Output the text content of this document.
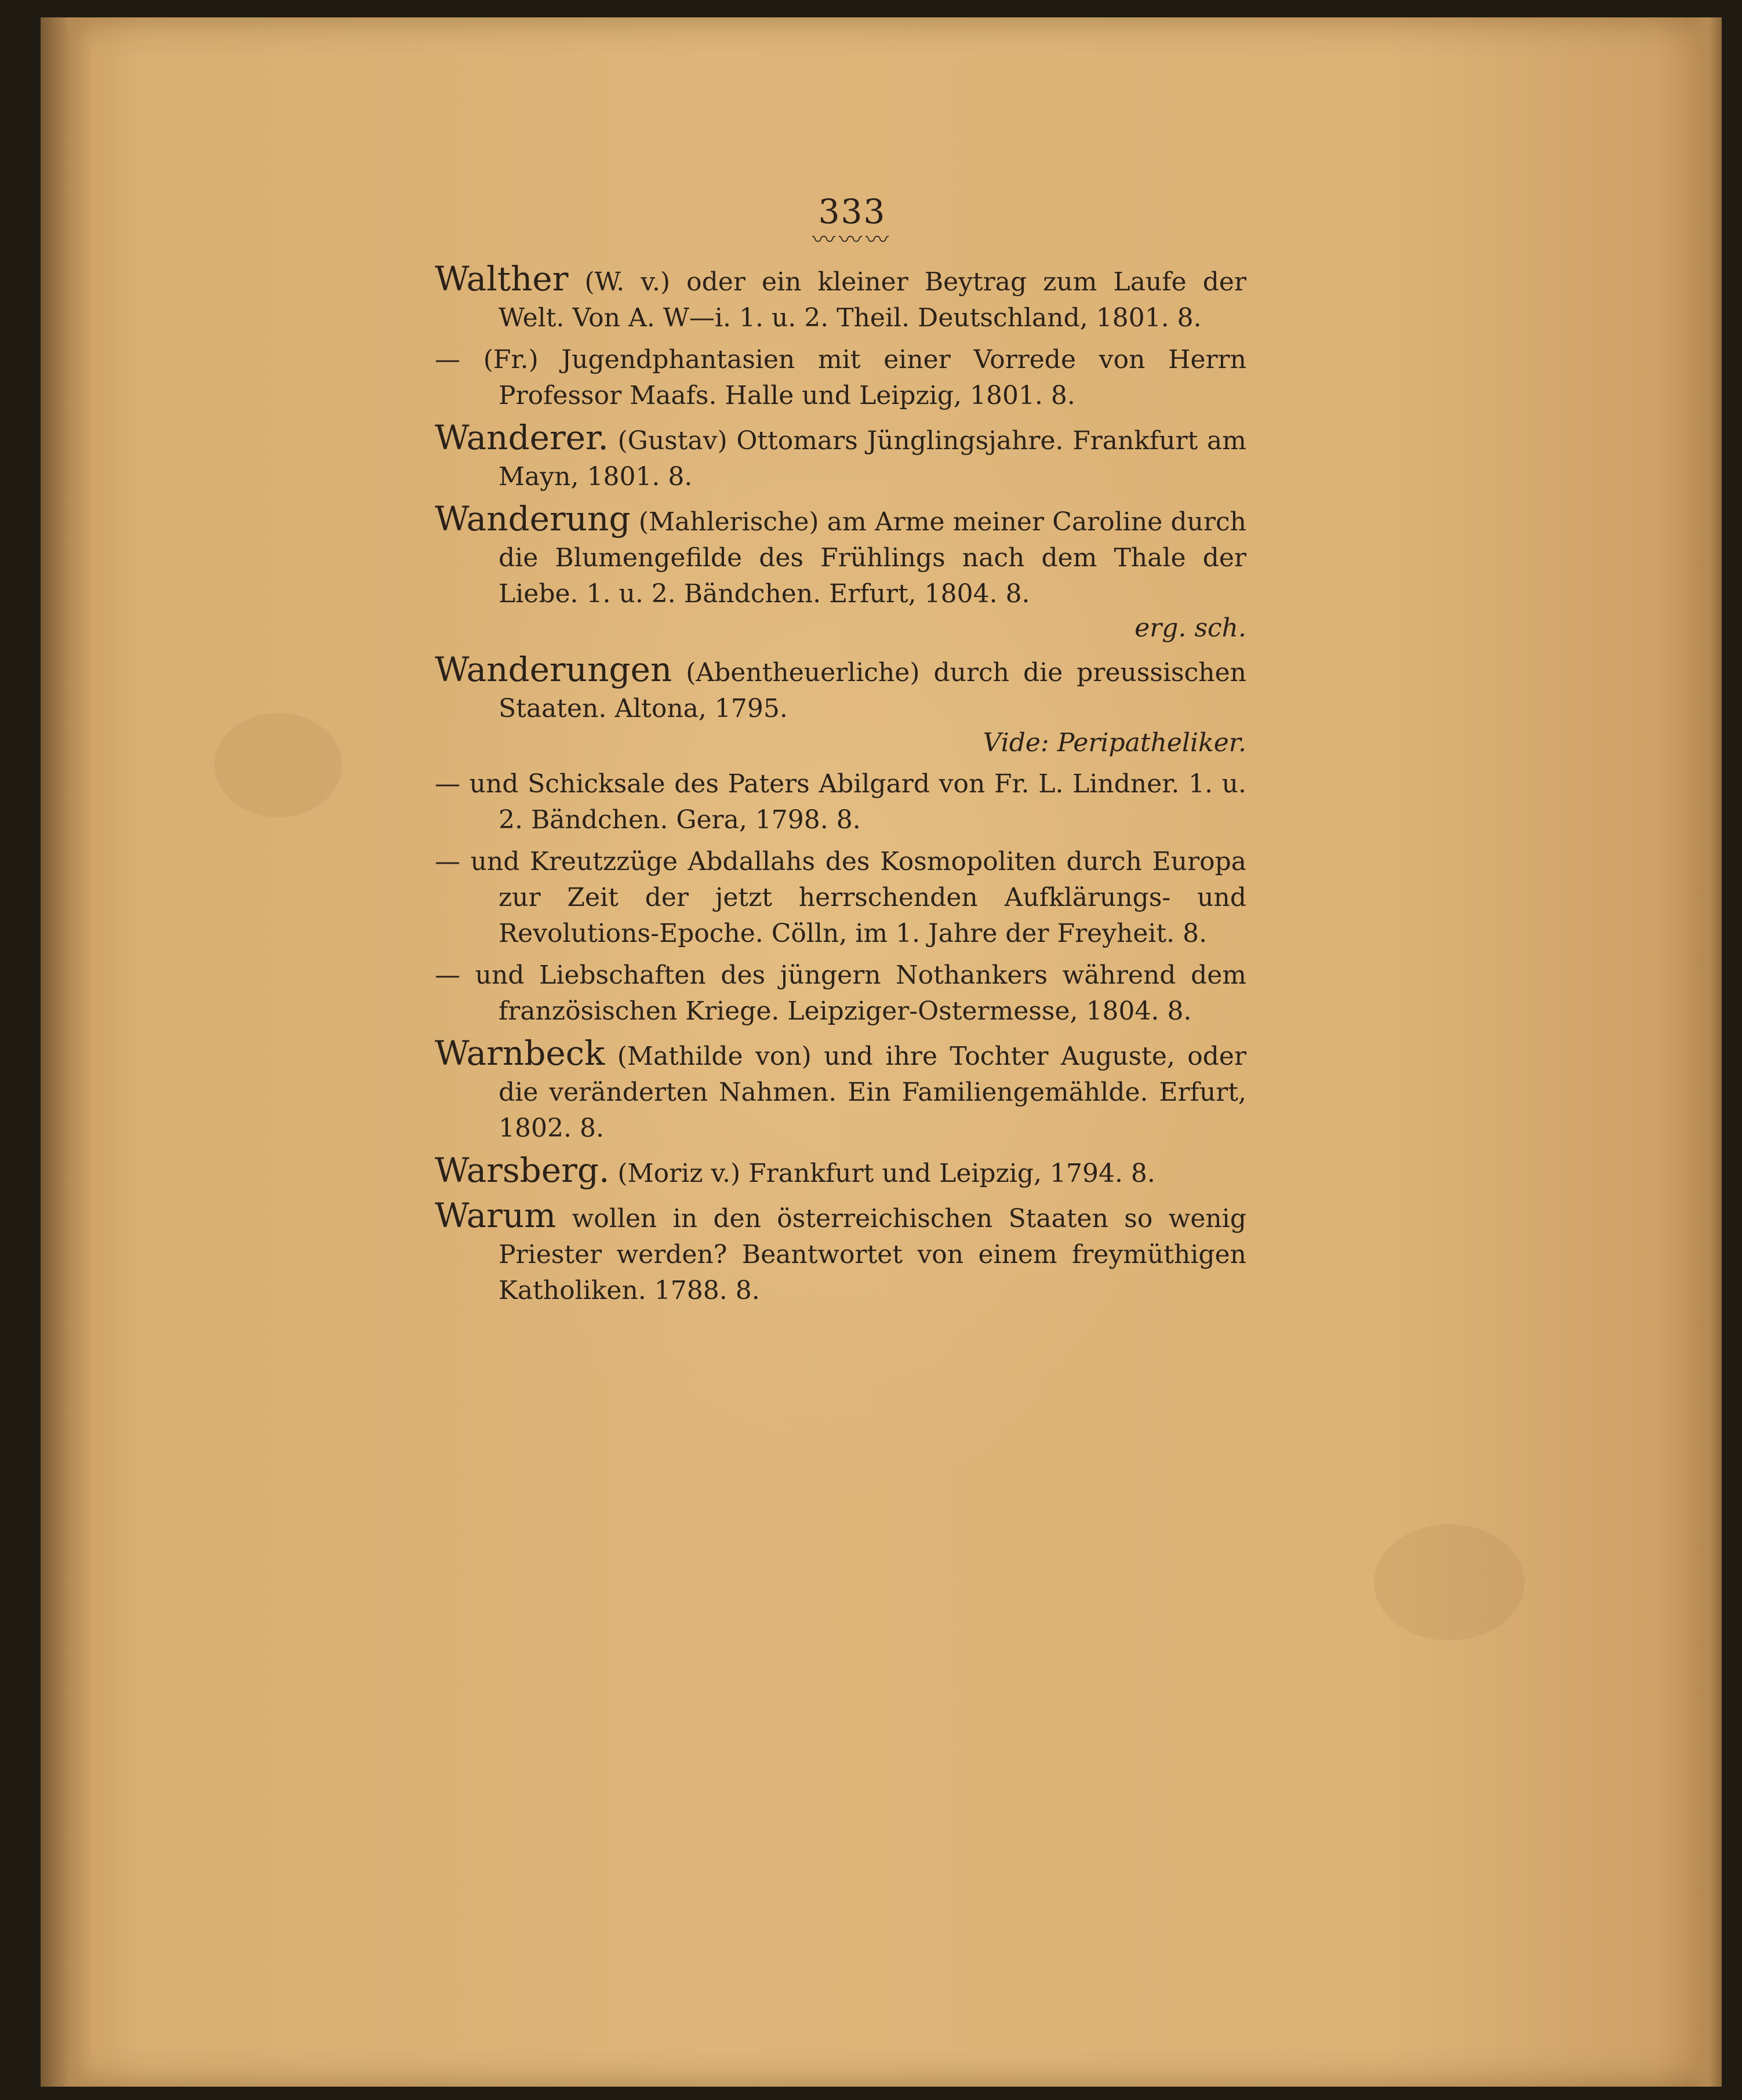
333
〰〰〰
Walther (W. v.) oder ein kleiner Beytrag zum Laufe der Welt. Von A. W—i. 1. u. 2. Theil. Deutschland, 1801. 8.
— (Fr.) Jugendphantasien mit einer Vorrede von Herrn Professor Maafs. Halle und Leipzig, 1801. 8.
Wanderer. (Gustav) Ottomars Jünglingsjahre. Frankfurt am Mayn, 1801. 8.
Wanderung (Mahlerische) am Arme meiner Caroline durch die Blumengefilde des Frühlings nach dem Thale der Liebe. 1. u. 2. Bändchen. Erfurt, 1804. 8.
erg. sch.
Wanderungen (Abentheuerliche) durch die preussischen Staaten. Altona, 1795.
Vide: Peripatheliker.
— und Schicksale des Paters Abilgard von Fr. L. Lindner. 1. u. 2. Bändchen. Gera, 1798. 8.
— und Kreutzzüge Abdallahs des Kosmopoliten durch Europa zur Zeit der jetzt herrschenden Aufklärungs- und Revolutions-Epoche. Cölln, im 1. Jahre der Freyheit. 8.
— und Liebschaften des jüngern Nothankers während dem französischen Kriege. Leipziger-Ostermesse, 1804. 8.
Warnbeck (Mathilde von) und ihre Tochter Auguste, oder die veränderten Nahmen. Ein Familiengemählde. Erfurt, 1802. 8.
Warsberg. (Moriz v.) Frankfurt und Leipzig, 1794. 8.
Warum wollen in den österreichischen Staaten so wenig Priester werden? Beantwortet von einem freymüthigen Katholiken. 1788. 8.
